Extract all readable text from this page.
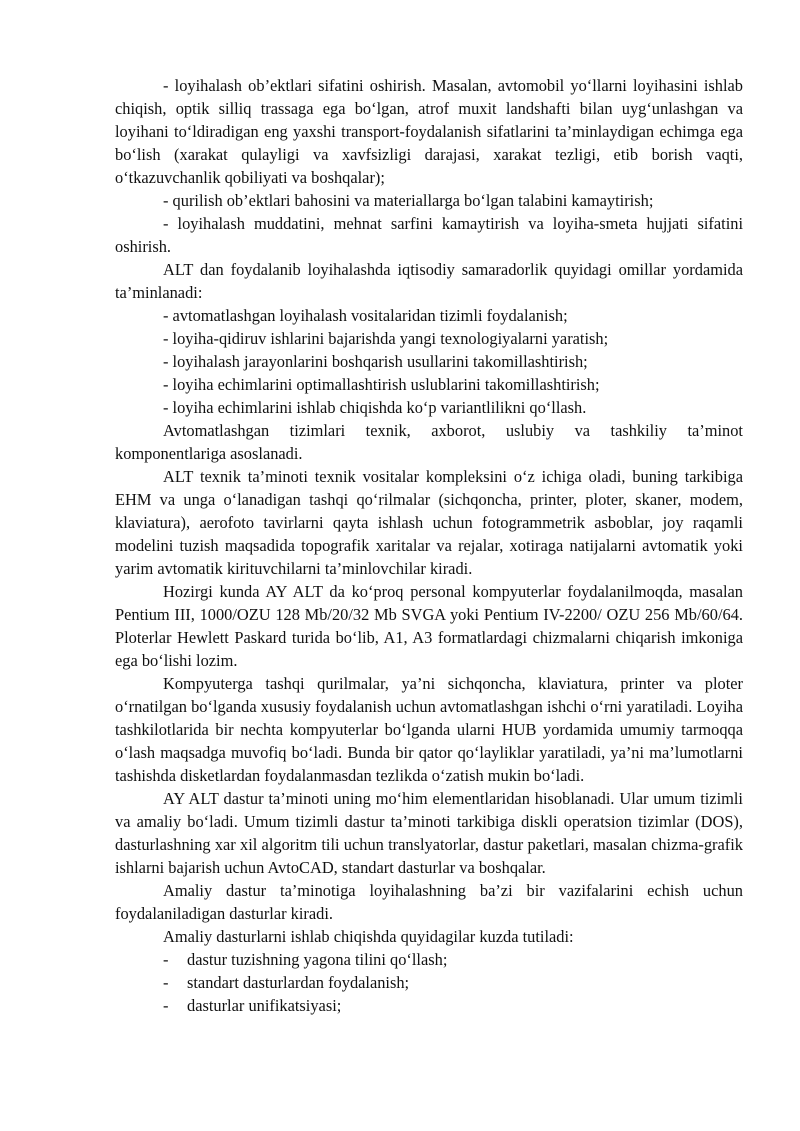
- loyihalash ob’ektlari sifatini oshirish. Masalan, avtomobil yo‘llarni loyihasini ishlab chiqish, optik silliq trassaga ega bo‘lgan, atrof muxit landshafti bilan uyg‘unlashgan va loyihani to‘ldiradigan eng yaxshi transport-foydalanish sifatlarini ta’minlaydigan echimga ega bo‘lish (xarakat qulayligi va xavfsizligi darajasi, xarakat tezligi, etib borish vaqti, o‘tkazuvchanlik qobiliyati va boshqalar);

- qurilish ob’ektlari bahosini va materiallarga bo‘lgan talabini kamaytirish;

- loyihalash muddatini, mehnat sarfini kamaytirish va loyiha-smeta hujjati sifatini oshirish.

ALT dan foydalanib loyihalashda iqtisodiy samaradorlik quyidagi omillar yordamida ta’minlanadi:

- avtomatlashgan loyihalash vositalaridan tizimli foydalanish;

- loyiha-qidiruv ishlarini bajarishda yangi texnologiyalarni yaratish;

- loyihalash jarayonlarini boshqarish usullarini takomillashtirish;

- loyiha echimlarini optimallashtirish uslublarini takomillashtirish;

- loyiha echimlarini ishlab chiqishda ko‘p variantlilikni qo‘llash.

Avtomatlashgan tizimlari texnik, axborot, uslubiy va tashkiliy ta’minot komponentlariga asoslanadi.

ALT texnik ta’minoti texnik vositalar kompleksini o‘z ichiga oladi, buning tarkibiga EHM va unga o‘lanadigan tashqi qo‘rilmalar (sichqoncha, printer, ploter, skaner, modem, klaviatura), aerofoto tavirlarni qayta ishlash uchun fotogrammetrik asboblar, joy raqamli modelini tuzish maqsadida topografik xaritalar va rejalar, xotiraga natijalarni avtomatik yoki yarim avtomatik kirituvchilarni ta’minlovchilar kiradi.

Hozirgi kunda AY ALT da ko‘proq personal kompyuterlar foydalanilmoqda, masalan Pentium III, 1000/OZU 128 Mb/20/32 Mb SVGA yoki Pentium IV-2200/ OZU 256 Mb/60/64. Ploterlar Hewlett Paskard turida bo‘lib, A1, A3 formatlardagi chizmalarni chiqarish imkoniga ega bo‘lishi lozim.

Kompyuterga tashqi qurilmalar, ya’ni sichqoncha, klaviatura, printer va ploter o‘rnatilgan bo‘lganda xususiy foydalanish uchun avtomatlashgan ishchi o‘rni yaratiladi. Loyiha tashkilotlarida bir nechta kompyuterlar bo‘lganda ularni HUB yordamida umumiy tarmoqqa o‘lash maqsadga muvofiq bo‘ladi. Bunda bir qator qo‘layliklar yaratiladi, ya’ni ma’lumotlarni tashishda disketlardan foydalanmasdan tezlikda o‘zatish mukin bo‘ladi.

AY ALT dastur ta’minoti uning mo‘him elementlaridan hisoblanadi. Ular umum tizimli va amaliy bo‘ladi. Umum tizimli dastur ta’minoti tarkibiga diskli operatsion tizimlar (DOS), dasturlashning xar xil algoritm tili uchun translyatorlar, dastur paketlari, masalan chizma-grafik ishlarni bajarish uchun AvtoCAD, standart dasturlar va boshqalar.

Amaliy dastur ta’minotiga loyihalashning ba’zi bir vazifalarini echish uchun foydalaniladigan dasturlar kiradi.

Amaliy dasturlarni ishlab chiqishda quyidagilar kuzda tutiladi:

- dastur tuzishning yagona tilini qo‘llash;

- standart dasturlardan foydalanish;

- dasturlar unifikatsiyasi;
